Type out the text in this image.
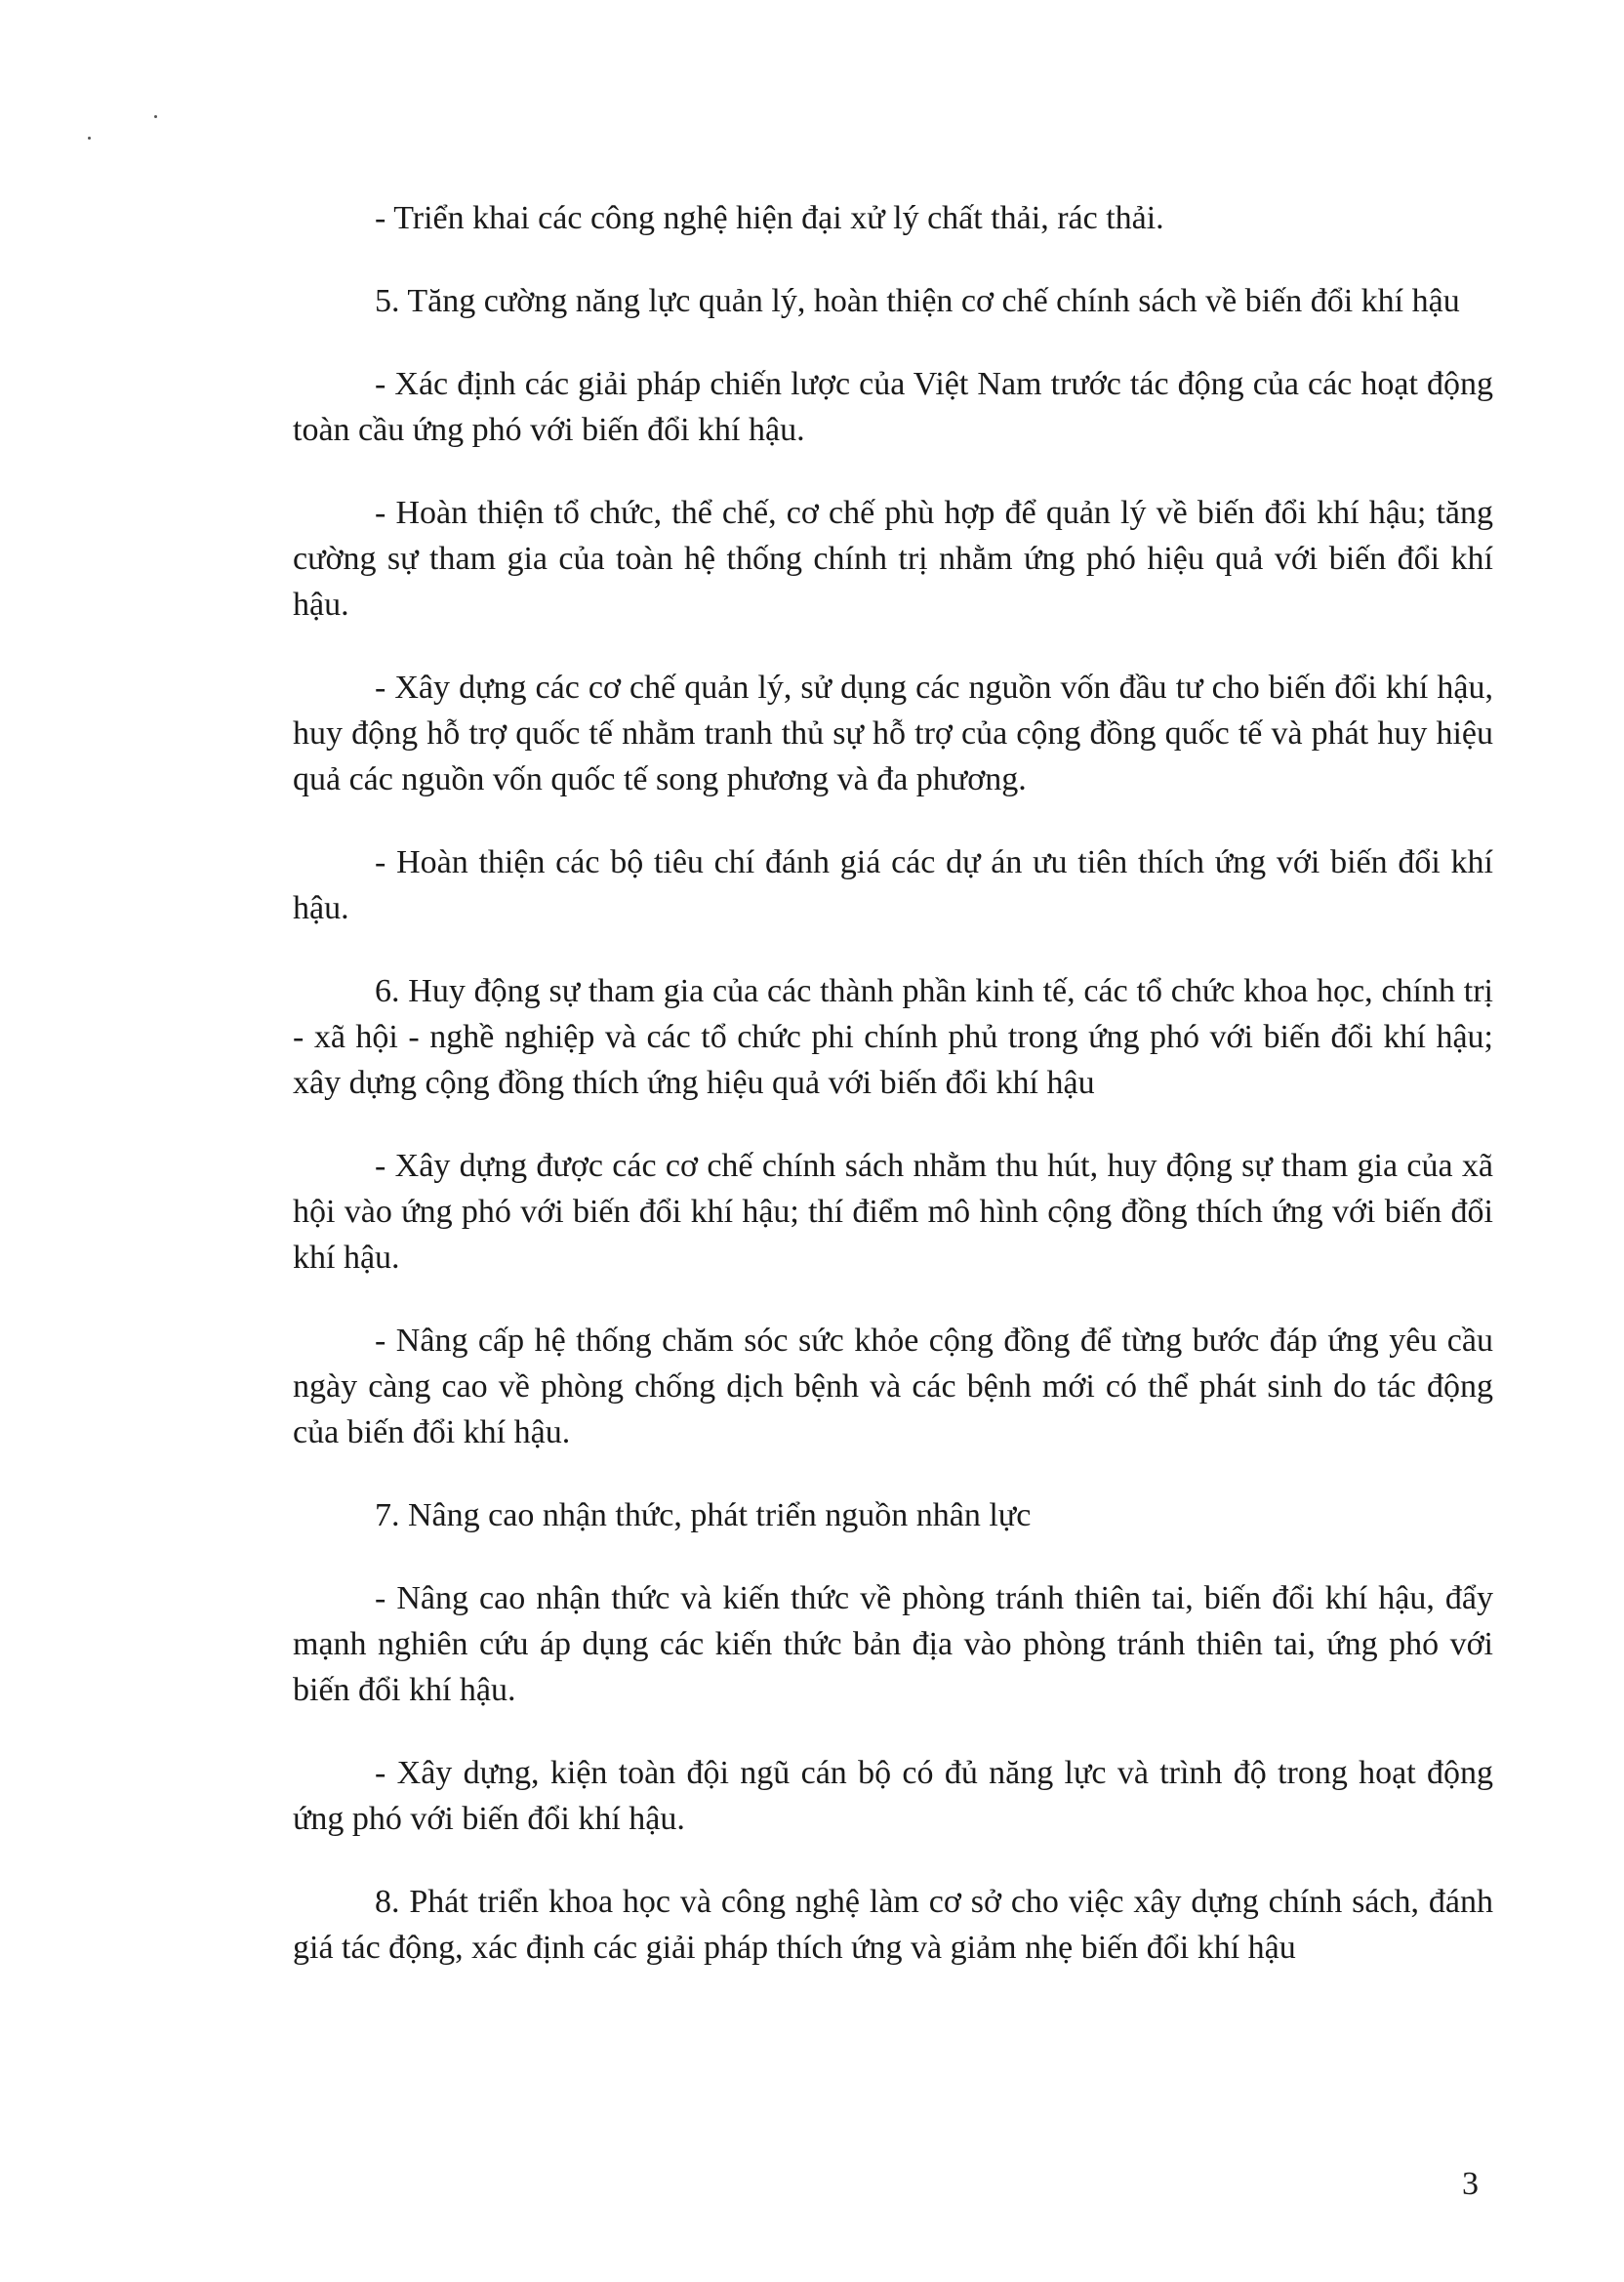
- Triển khai các công nghệ hiện đại xử lý chất thải, rác thải.

5. Tăng cường năng lực quản lý, hoàn thiện cơ chế chính sách về biến đổi khí hậu

- Xác định các giải pháp chiến lược của Việt Nam trước tác động của các hoạt động toàn cầu ứng phó với biến đổi khí hậu.

- Hoàn thiện tổ chức, thể chế, cơ chế phù hợp để quản lý về biến đổi khí hậu; tăng cường sự tham gia của toàn hệ thống chính trị nhằm ứng phó hiệu quả với biến đổi khí hậu.

- Xây dựng các cơ chế quản lý, sử dụng các nguồn vốn đầu tư cho biến đổi khí hậu, huy động hỗ trợ quốc tế nhằm tranh thủ sự hỗ trợ của cộng đồng quốc tế và phát huy hiệu quả các nguồn vốn quốc tế song phương và đa phương.

- Hoàn thiện các bộ tiêu chí đánh giá các dự án ưu tiên thích ứng với biến đổi khí hậu.

6. Huy động sự tham gia của các thành phần kinh tế, các tổ chức khoa học, chính trị - xã hội - nghề nghiệp và các tổ chức phi chính phủ trong ứng phó với biến đổi khí hậu; xây dựng cộng đồng thích ứng hiệu quả với biến đổi khí hậu

- Xây dựng được các cơ chế chính sách nhằm thu hút, huy động sự tham gia của xã hội vào ứng phó với biến đổi khí hậu; thí điểm mô hình cộng đồng thích ứng với biến đổi khí hậu.

- Nâng cấp hệ thống chăm sóc sức khỏe cộng đồng để từng bước đáp ứng yêu cầu ngày càng cao về phòng chống dịch bệnh và các bệnh mới có thể phát sinh do tác động của biến đổi khí hậu.

7. Nâng cao nhận thức, phát triển nguồn nhân lực

- Nâng cao nhận thức và kiến thức về phòng tránh thiên tai, biến đổi khí hậu, đẩy mạnh nghiên cứu áp dụng các kiến thức bản địa vào phòng tránh thiên tai, ứng phó với biến đổi khí hậu.

- Xây dựng, kiện toàn đội ngũ cán bộ có đủ năng lực và trình độ trong hoạt động ứng phó với biến đổi khí hậu.

8. Phát triển khoa học và công nghệ làm cơ sở cho việc xây dựng chính sách, đánh giá tác động, xác định các giải pháp thích ứng và giảm nhẹ biến đổi khí hậu

3
